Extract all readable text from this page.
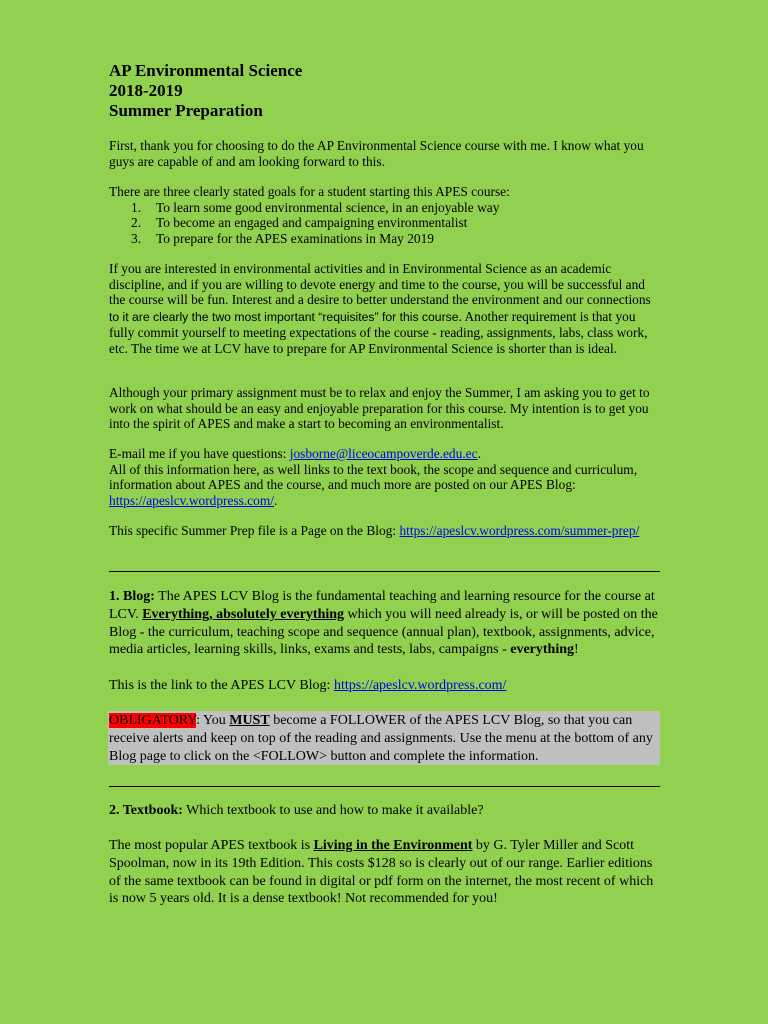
AP Environmental Science
2018-2019
Summer Preparation
First, thank you for choosing to do the AP Environmental Science course with me. I know what you guys are capable of and am looking forward to this.
There are three clearly stated goals for a student starting this APES course:
1. To learn some good environmental science, in an enjoyable way
2. To become an engaged and campaigning environmentalist
3. To prepare for the APES examinations in May 2019
If you are interested in environmental activities and in Environmental Science as an academic discipline, and if you are willing to devote energy and time to the course, you will be successful and the course will be fun. Interest and a desire to better understand the environment and our connections to it are clearly the two most important “requisites” for this course. Another requirement is that you fully commit yourself to meeting expectations of the course - reading, assignments, labs, class work, etc. The time we at LCV have to prepare for AP Environmental Science is shorter than is ideal.
Although your primary assignment must be to relax and enjoy the Summer, I am asking you to get to work on what should be an easy and enjoyable preparation for this course. My intention is to get you into the spirit of APES and make a start to becoming an environmentalist.
E-mail me if you have questions: josborne@liceocampoverde.edu.ec.
All of this information here, as well links to the text book, the scope and sequence and curriculum, information about APES and the course, and much more are posted on our APES Blog: https://apeslcv.wordpress.com/.
This specific Summer Prep file is a Page on the Blog: https://apeslcv.wordpress.com/summer-prep/
1. Blog: The APES LCV Blog is the fundamental teaching and learning resource for the course at LCV. Everything, absolutely everything which you will need already is, or will be posted on the Blog - the curriculum, teaching scope and sequence (annual plan), textbook, assignments, advice, media articles, learning skills, links, exams and tests, labs, campaigns - everything!
This is the link to the APES LCV Blog: https://apeslcv.wordpress.com/
OBLIGATORY: You MUST become a FOLLOWER of the APES LCV Blog, so that you can receive alerts and keep on top of the reading and assignments. Use the menu at the bottom of any Blog page to click on the <FOLLOW> button and complete the information.
2. Textbook: Which textbook to use and how to make it available?
The most popular APES textbook is Living in the Environment by G. Tyler Miller and Scott Spoolman, now in its 19th Edition. This costs $128 so is clearly out of our range. Earlier editions of the same textbook can be found in digital or pdf form on the internet, the most recent of which is now 5 years old. It is a dense textbook! Not recommended for you!
